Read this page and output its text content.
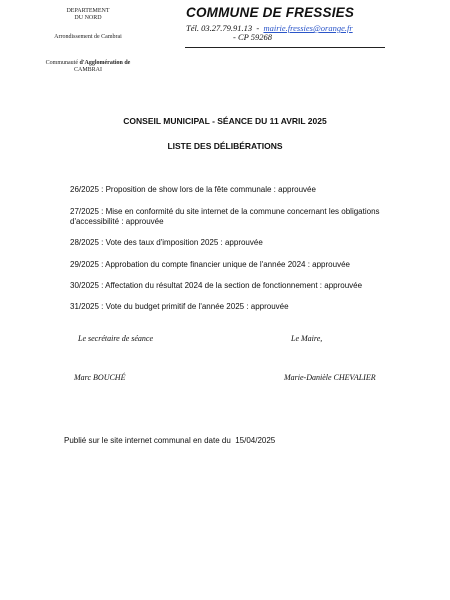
DEPARTEMENT
DU NORD
Arrondissement de Cambrai
Communauté d'Agglomération de
CAMBRAI
COMMUNE DE FRESSIES
Tél. 03.27.79.91.13  -  mairie.fressies@orange.fr
- CP 59268
CONSEIL MUNICIPAL - SÉANCE DU 11 AVRIL 2025
LISTE DES DÉLIBÉRATIONS
26/2025 : Proposition de show lors de la fête communale : approuvée
27/2025 : Mise en conformité du site internet de la commune concernant les obligations d'accessibilité : approuvée
28/2025 : Vote des taux d'imposition 2025 : approuvée
29/2025 : Approbation du compte financier unique de l'année 2024 : approuvée
30/2025 : Affectation du résultat 2024 de la section de fonctionnement : approuvée
31/2025 : Vote du budget primitif de l'année 2025 : approuvée
Le secrétaire de séance	Le Maire,
Marc BOUCHÉ	Marie-Danièle CHEVALIER
Publié sur le site internet communal en date du  15/04/2025
